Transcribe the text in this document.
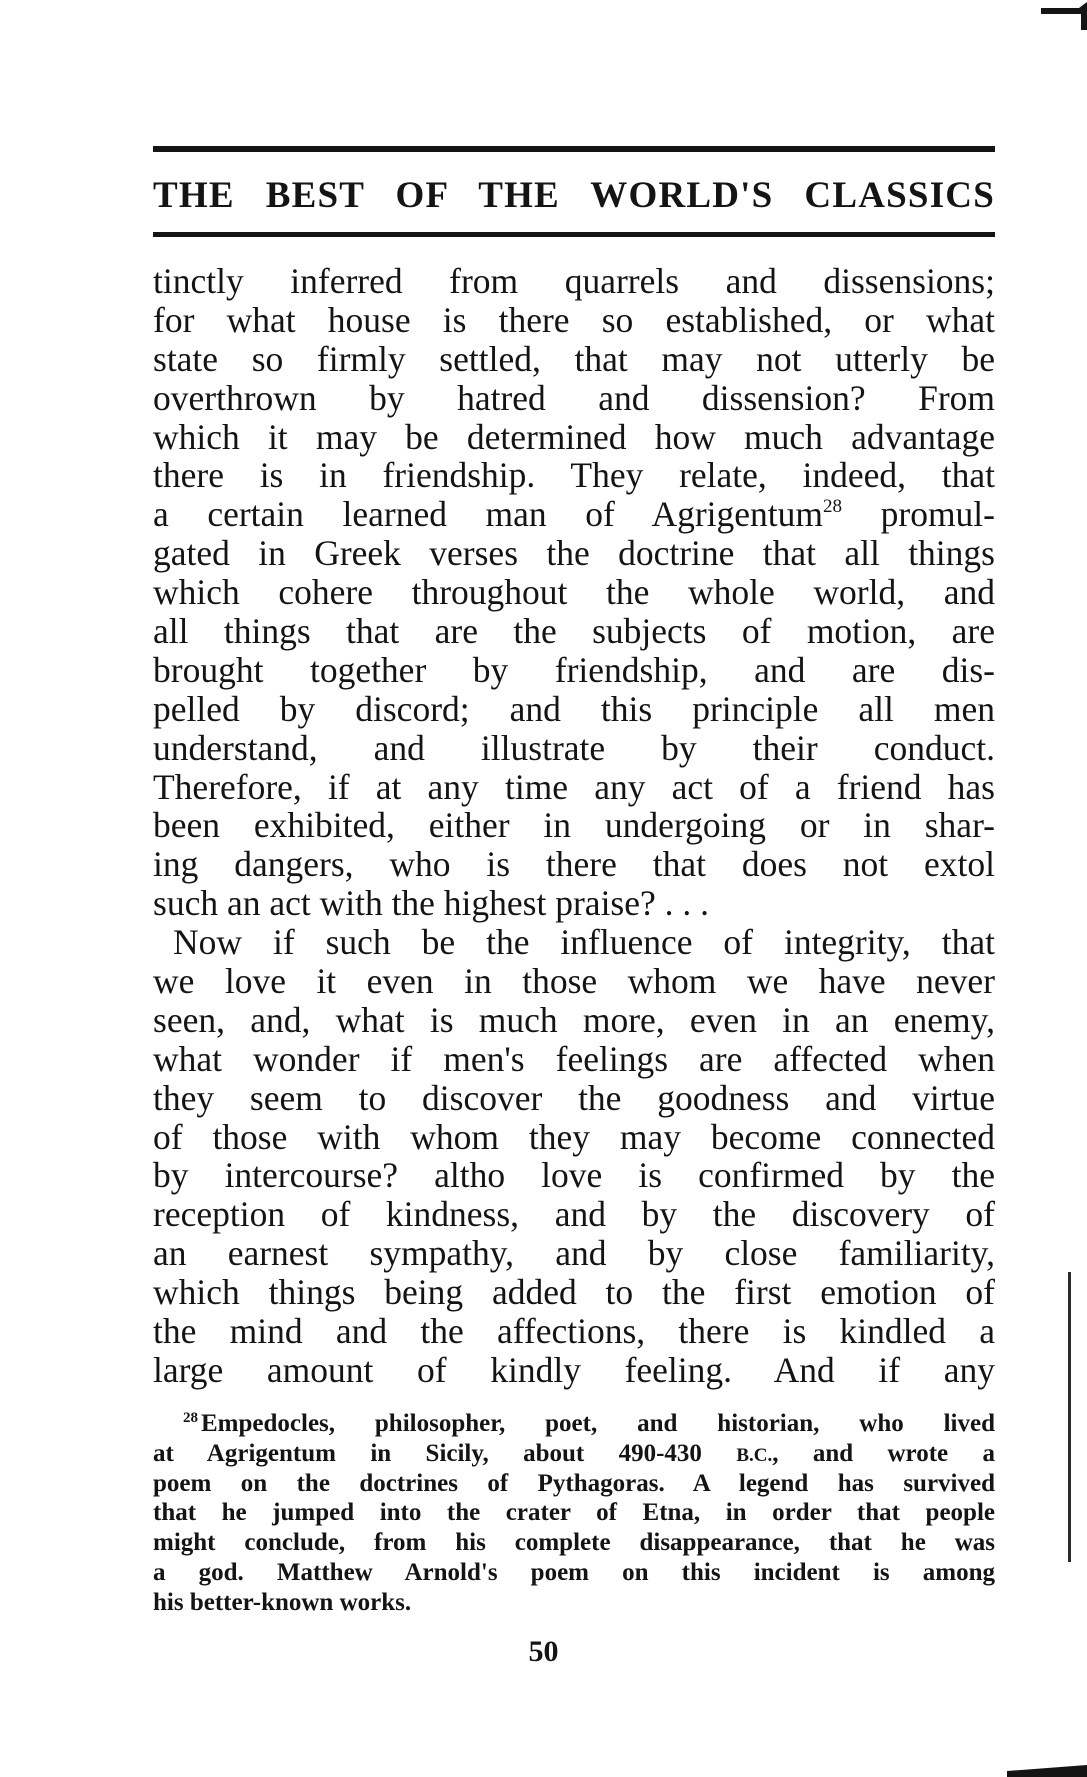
THE BEST OF THE WORLD'S CLASSICS
tinctly inferred from quarrels and dissensions;
for what house is there so established, or what
state so firmly settled, that may not utterly be
overthrown by hatred and dissension? From
which it may be determined how much advantage
there is in friendship. They relate, indeed, that
a certain learned man of Agrigentum$^{28}$ promul-
gated in Greek verses the doctrine that all things
which cohere throughout the whole world, and
all things that are the subjects of motion, are
brought together by friendship, and are dis-
pelled by discord; and this principle all men
understand, and illustrate by their conduct.
Therefore, if at any time any act of a friend has
been exhibited, either in undergoing or in shar-
ing dangers, who is there that does not extol
such an act with the highest praise? . . .
Now if such be the influence of integrity, that
we love it even in those whom we have never
seen, and, what is much more, even in an enemy,
what wonder if men's feelings are affected when
they seem to discover the goodness and virtue
of those with whom they may become connected
by intercourse? altho love is confirmed by the
reception of kindness, and by the discovery of
an earnest sympathy, and by close familiarity,
which things being added to the first emotion of
the mind and the affections, there is kindled a
large amount of kindly feeling. And if any
$^{28}$ Empedocles, philosopher, poet, and historian, who lived
at Agrigentum in Sicily, about 490-430 B.C., and wrote a
poem on the doctrines of Pythagoras. A legend has survived
that he jumped into the crater of Etna, in order that people
might conclude, from his complete disappearance, that he was
a god. Matthew Arnold's poem on this incident is among
his better-known works.
50
